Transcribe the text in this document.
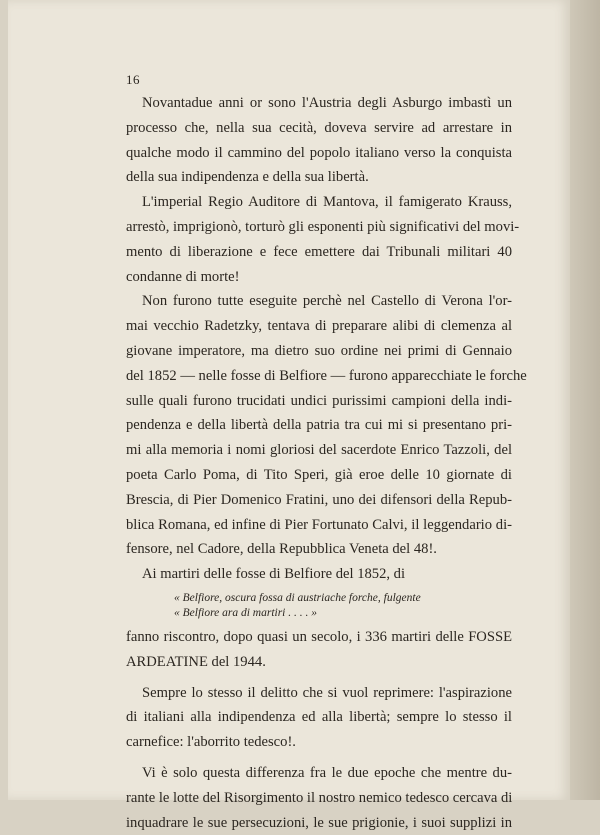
16
Novantadue anni or sono l'Austria degli Asburgo imbastì un
processo che, nella sua cecità, doveva servire ad arrestare in
qualche modo il cammino del popolo italiano verso la conquista
della sua indipendenza e della sua libertà.
L'imperial Regio Auditore di Mantova, il famigerato Krauss,
arrestò, imprigionò, torturò gli esponenti più significativi del movi-
mento di liberazione e fece emettere dai Tribunali militari 40
condanne di morte!
Non furono tutte eseguite perchè nel Castello di Verona l'or-
mai vecchio Radetzky, tentava di preparare alibi di clemenza al
giovane imperatore, ma dietro suo ordine nei primi di Gennaio
del 1852 — nelle fosse di Belfiore — furono apparecchiate le forche
sulle quali furono trucidati undici purissimi campioni della indi-
pendenza e della libertà della patria tra cui mi si presentano pri-
mi alla memoria i nomi gloriosi del sacerdote Enrico Tazzoli, del
poeta Carlo Poma, di Tito Speri, già eroe delle 10 giornate di
Brescia, di Pier Domenico Fratini, uno dei difensori della Repub-
blica Romana, ed infine di Pier Fortunato Calvi, il leggendario di-
fensore, nel Cadore, della Repubblica Veneta del 48!.
Ai martiri delle fosse di Belfiore del 1852, di
« Belfiore, oscura fossa di austriache forche, fulgente
« Belfiore ara di martiri . . . . »
fanno riscontro, dopo quasi un secolo, i 336 martiri delle FOSSE
ARDEATINE del 1944.
Sempre lo stesso il delitto che si vuol reprimere: l'aspirazione
di italiani alla indipendenza ed alla libertà; sempre lo stesso il
carnefice: l'aborrito tedesco!.
Vi è solo questa differenza fra le due epoche che mentre du-
rante le lotte del Risorgimento il nostro nemico tedesco cercava di
inquadrare le sue persecuzioni, le sue prigionie, i suoi supplizi in
